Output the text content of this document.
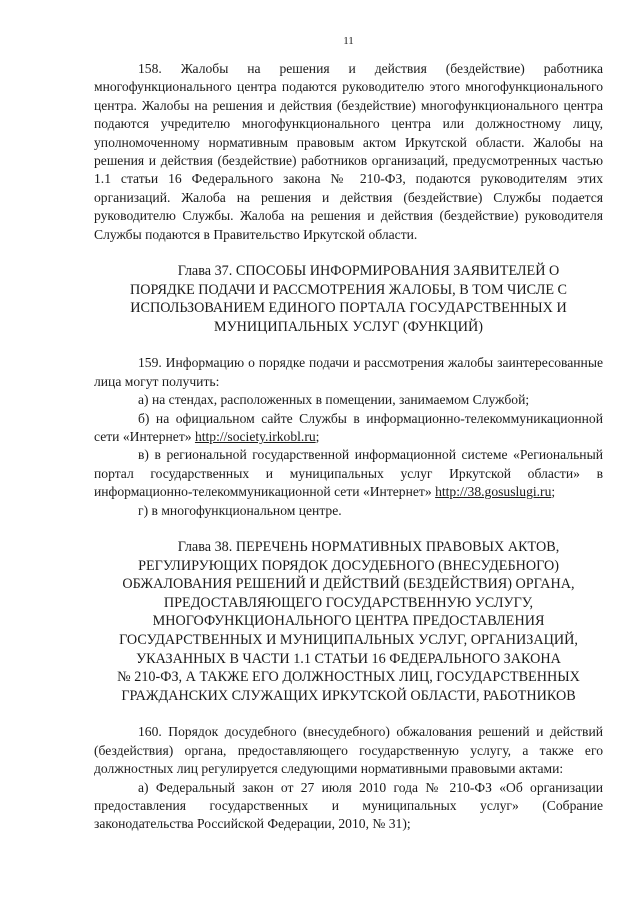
11

158. Жалобы на решения и действия (бездействие) работника многофункционального центра подаются руководителю этого многофункционального центра. Жалобы на решения и действия (бездействие) многофункционального центра подаются учредителю многофункционального центра или должностному лицу, уполномоченному нормативным правовым актом Иркутской области. Жалобы на решения и действия (бездействие) работников организаций, предусмотренных частью 1.1 статьи 16 Федерального закона № 210-ФЗ, подаются руководителям этих организаций. Жалоба на решения и действия (бездействие) Службы подается руководителю Службы. Жалоба на решения и действия (бездействие) руководителя Службы подаются в Правительство Иркутской области.

Глава 37. СПОСОБЫ ИНФОРМИРОВАНИЯ ЗАЯВИТЕЛЕЙ О
ПОРЯДКЕ ПОДАЧИ И РАССМОТРЕНИЯ ЖАЛОБЫ, В ТОМ ЧИСЛЕ С
ИСПОЛЬЗОВАНИЕМ ЕДИНОГО ПОРТАЛА ГОСУДАРСТВЕННЫХ И
МУНИЦИПАЛЬНЫХ УСЛУГ (ФУНКЦИЙ)

159. Информацию о порядке подачи и рассмотрения жалобы заинтересованные лица могут получить:

а) на стендах, расположенных в помещении, занимаемом Службой;

б) на официальном сайте Службы в информационно-телекоммуникационной сети «Интернет» http://society.irkobl.ru;

в) в региональной государственной информационной системе «Региональный портал государственных и муниципальных услуг Иркутской области» в информационно-телекоммуникационной сети «Интернет» http://38.gosuslugi.ru;

г) в многофункциональном центре.

Глава 38. ПЕРЕЧЕНЬ НОРМАТИВНЫХ ПРАВОВЫХ АКТОВ,
РЕГУЛИРУЮЩИХ ПОРЯДОК ДОСУДЕБНОГО (ВНЕСУДЕБНОГО)
ОБЖАЛОВАНИЯ РЕШЕНИЙ И ДЕЙСТВИЙ (БЕЗДЕЙСТВИЯ) ОРГАНА,
ПРЕДОСТАВЛЯЮЩЕГО ГОСУДАРСТВЕННУЮ УСЛУГУ,
МНОГОФУНКЦИОНАЛЬНОГО ЦЕНТРА ПРЕДОСТАВЛЕНИЯ
ГОСУДАРСТВЕННЫХ И МУНИЦИПАЛЬНЫХ УСЛУГ, ОРГАНИЗАЦИЙ,
УКАЗАННЫХ В ЧАСТИ 1.1 СТАТЬИ 16 ФЕДЕРАЛЬНОГО ЗАКОНА
№ 210-ФЗ, А ТАКЖЕ ЕГО ДОЛЖНОСТНЫХ ЛИЦ, ГОСУДАРСТВЕННЫХ
ГРАЖДАНСКИХ СЛУЖАЩИХ ИРКУТСКОЙ ОБЛАСТИ, РАБОТНИКОВ

160. Порядок досудебного (внесудебного) обжалования решений и действий (бездействия) органа, предоставляющего государственную услугу, а также его должностных лиц регулируется следующими нормативными правовыми актами:

а) Федеральный закон от 27 июля 2010 года № 210-ФЗ «Об организации предоставления государственных и муниципальных услуг» (Собрание законодательства Российской Федерации, 2010, № 31);
